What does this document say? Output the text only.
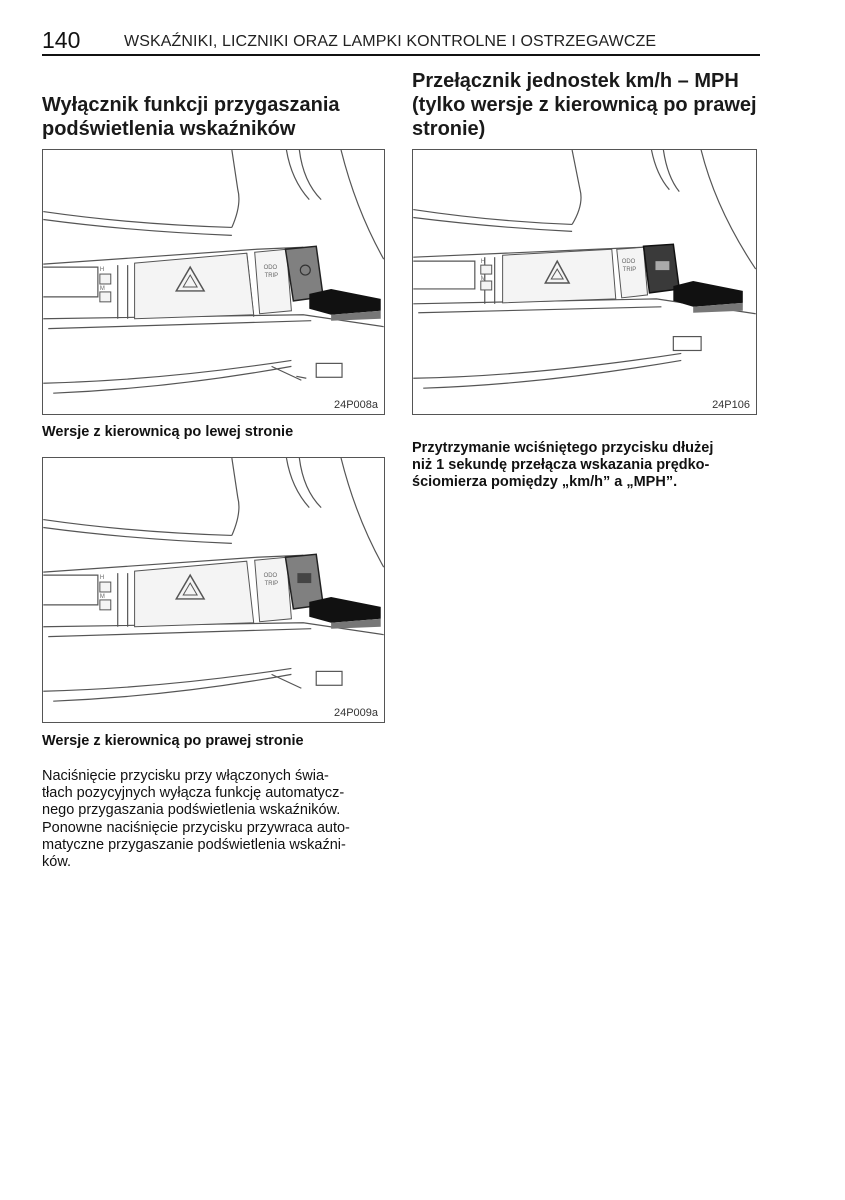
140	WSKAŹNIKI, LICZNIKI ORAZ LAMPKI KONTROLNE I OSTRZEGAWCZE
Wyłącznik funkcji przygaszania podświetlenia wskaźników
Przełącznik jednostek km/h – MPH (tylko wersje z kierownicą po prawej stronie)
H
M
ODO
TRIP
24P008a

Wersje z kierownicą po lewej stronie

H
M
ODO
TRIP
24P106

Przytrzymanie wciśniętego przycisku dłużej
niż 1 sekundę przełącza wskazania prędko-
ściomierza pomiędzy „km/h” a „MPH”.

H
M
ODO
TRIP
24P009a

Wersje z kierownicą po prawej stronie

Naciśnięcie przycisku przy włączonych świa-
tłach pozycyjnych wyłącza funkcję automatycz-
nego przygaszania podświetlenia wskaźników.
Ponowne naciśnięcie przycisku przywraca auto-
matyczne przygaszanie podświetlenia wskaźni-
ków.
